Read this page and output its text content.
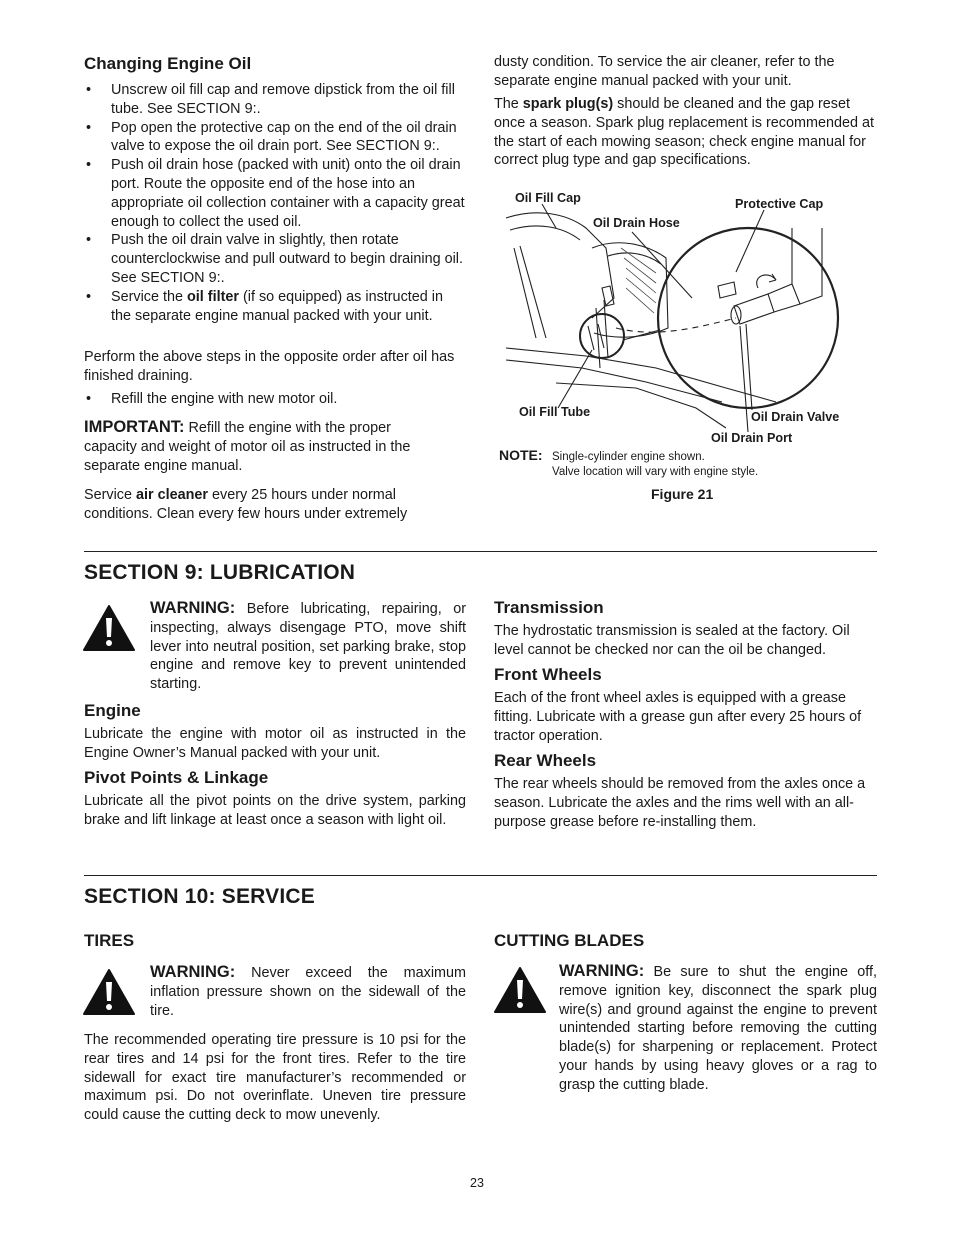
Changing Engine Oil
• Unscrew oil fill cap and remove dipstick from the oil fill tube. See SECTION 9:.
• Pop open the protective cap on the end of the oil drain valve to expose the oil drain port. See SECTION 9:.
• Push oil drain hose (packed with unit) onto the oil drain port. Route the opposite end of the hose into an appropriate oil collection container with a capacity great enough to collect the used oil.
• Push the oil drain valve in slightly, then rotate counterclockwise and pull outward to begin draining oil. See SECTION 9:.
• Service the oil filter (if so equipped) as instructed in the separate engine manual packed with your unit.

Perform the above steps in the opposite order after oil has finished draining.

• Refill the engine with new motor oil.

IMPORTANT: Refill the engine with the proper capacity and weight of motor oil as instructed in the separate engine manual.

Service air cleaner every 25 hours under normal conditions. Clean every few hours under extremely

dusty condition. To service the air cleaner, refer to the separate engine manual packed with your unit.

The spark plug(s) should be cleaned and the gap reset once a season. Spark plug replacement is recommended at the start of each mowing season; check engine manual for correct plug type and gap specifications.

Oil Fill Cap
Oil Drain Hose
Protective Cap
Oil Fill Tube	Oil Drain Valve
Oil Drain Port
NOTE: Single-cylinder engine shown.
Valve location will vary with engine style.
Figure 21
SECTION 9: LUBRICATION

WARNING: Before lubricating, repairing, or inspecting, always disengage PTO, move shift lever into neutral position, set parking brake, stop engine and remove key to prevent unintended starting.

Engine

Lubricate the engine with motor oil as instructed in the Engine Owner’s Manual packed with your unit.

Pivot Points & Linkage

Lubricate all the pivot points on the drive system, parking brake and lift linkage at least once a season with light oil.

Transmission

The hydrostatic transmission is sealed at the factory. Oil level cannot be checked nor can the oil be changed.

Front Wheels

Each of the front wheel axles is equipped with a grease fitting. Lubricate with a grease gun after every 25 hours of tractor operation.

Rear Wheels

The rear wheels should be removed from the axles once a season. Lubricate the axles and the rims well with an all-purpose grease before re-installing them.

SECTION 10: SERVICE
TIRES

WARNING: Never exceed the maximum inflation pressure shown on the sidewall of the tire.

The recommended operating tire pressure is 10 psi for the rear tires and 14 psi for the front tires. Refer to the tire sidewall for exact tire manufacturer’s recommended or maximum psi. Do not overinflate. Uneven tire pressure could cause the cutting deck to mow unevenly.

CUTTING BLADES

WARNING: Be sure to shut the engine off, remove ignition key, disconnect the spark plug wire(s) and ground against the engine to prevent unintended starting before removing the cutting blade(s) for sharpening or replacement. Protect your hands by using heavy gloves or a rag to grasp the cutting blade.

23
